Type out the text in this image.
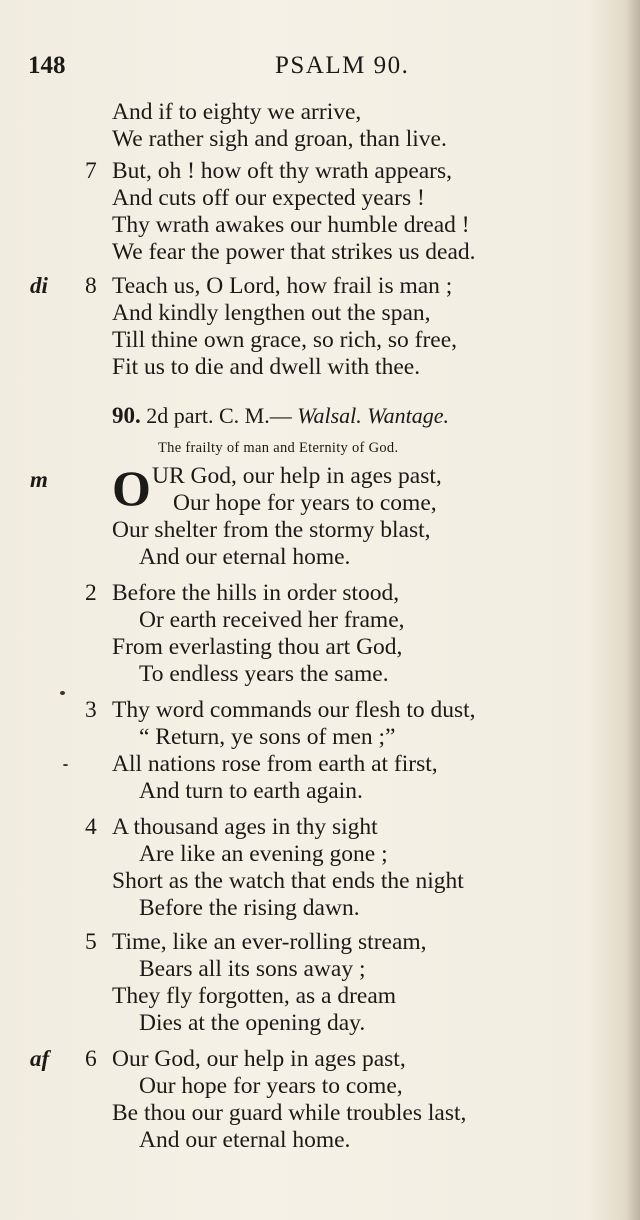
148	PSALM 90.
And if to eighty we arrive,
We rather sigh and groan, than live.
7 But, oh ! how oft thy wrath appears,
And cuts off our expected years !
Thy wrath awakes our humble dread !
We fear the power that strikes us dead.
di 8 Teach us, O Lord, how frail is man ;
And kindly lengthen out the span,
Till thine own grace, so rich, so free,
Fit us to die and dwell with thee.
90. 2d part. C. M.— Walsal. Wantage.
The frailty of man and Eternity of God.
m O UR God, our help in ages past,
Our hope for years to come,
Our shelter from the stormy blast,
And our eternal home.
2 Before the hills in order stood,
Or earth received her frame,
From everlasting thou art God,
To endless years the same.
3 Thy word commands our flesh to dust,
“ Return, ye sons of men ;”
All nations rose from earth at first,
And turn to earth again.
4 A thousand ages in thy sight
Are like an evening gone ;
Short as the watch that ends the night
Before the rising dawn.
5 Time, like an ever-rolling stream,
Bears all its sons away ;
They fly forgotten, as a dream
Dies at the opening day.
af 6 Our God, our help in ages past,
Our hope for years to come,
Be thou our guard while troubles last,
And our eternal home.
